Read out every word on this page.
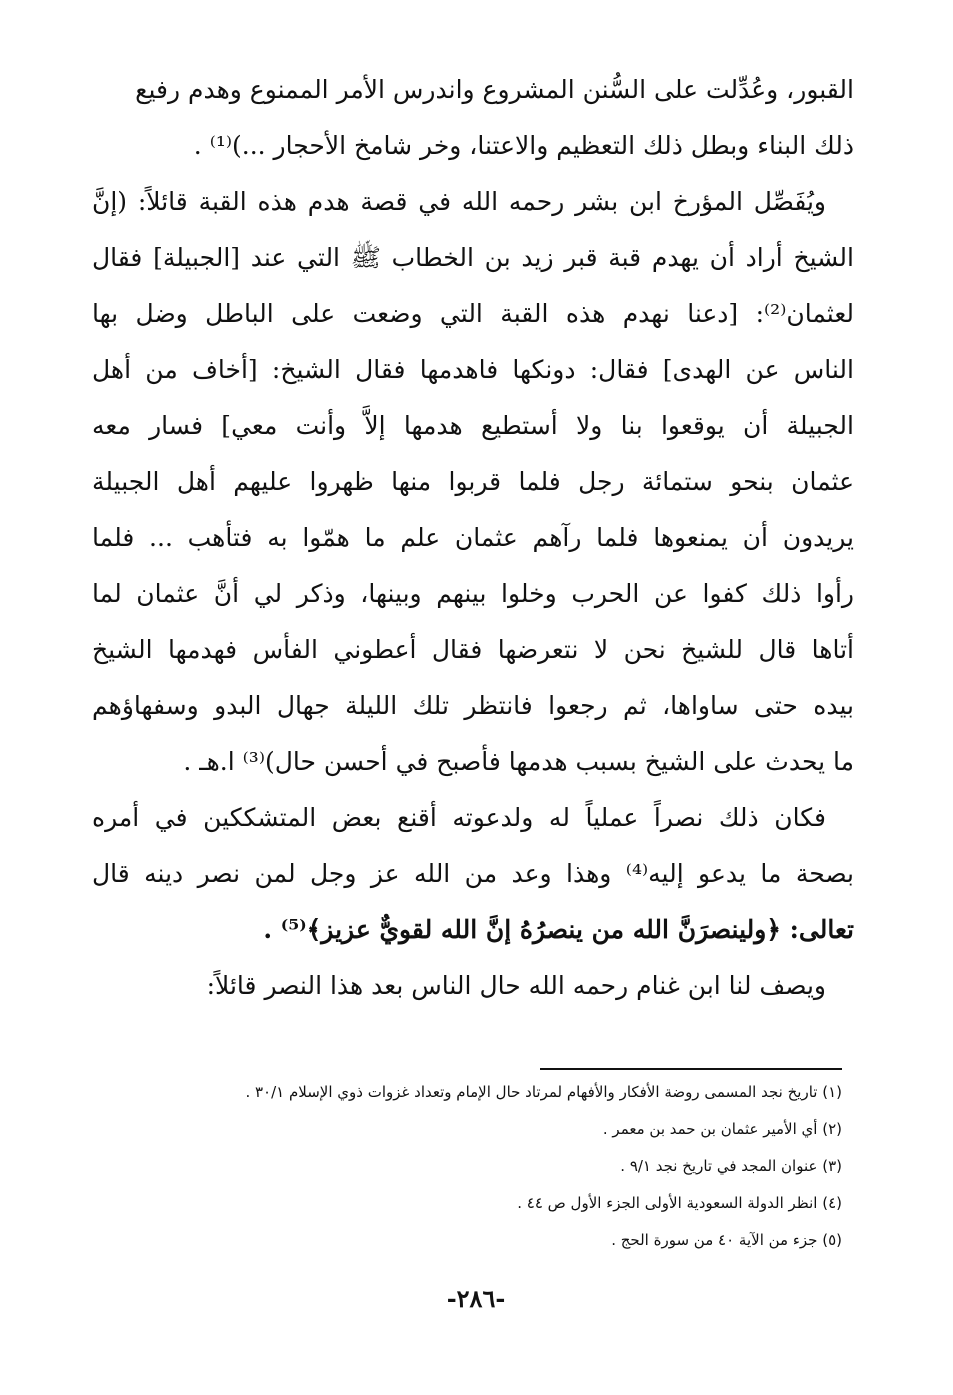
القبور، وعُدِّلت على السُّنن المشروع واندرس الأمر الممنوع وهدم رفيع
ذلك البناء وبطل ذلك التعظيم والاعتنا، وخر شامخ الأحجار ...)⁽¹⁾ .
ويُفَصِّل المؤرخ ابن بشر رحمه الله في قصة هدم هذه القبة قائلاً: (إنَّ
الشيخ أراد أن يهدم قبة قبر زيد بن الخطاب ﷺ التي عند [الجبيلة] فقال
لعثمان⁽²⁾: [دعنا نهدم هذه القبة التي وضعت على الباطل وضل بها
الناس عن الهدى] فقال: دونكها فاهدمها فقال الشيخ: [أخاف من أهل
الجبيلة أن يوقعوا بنا ولا أستطيع هدمها إلاَّ وأنت معي] فسار معه
عثمان بنحو ستمائة رجل فلما قربوا منها ظهروا عليهم أهل الجبيلة
يريدون أن يمنعوها فلما رآهم عثمان علم ما همّوا به فتأهب ... فلما
رأوا ذلك كفوا عن الحرب وخلوا بينهم وبينها، وذكر لي أنَّ عثمان لما
أتاها قال للشيخ نحن لا نتعرضها فقال أعطوني الفأس فهدمها الشيخ
بيده حتى ساواها، ثم رجعوا فانتظر تلك الليلة جهال البدو وسفهاؤهم
ما يحدث على الشيخ بسبب هدمها فأصبح في أحسن حال)⁽³⁾ ا.هـ .
فكان ذلك نصراً عملياً له ولدعوته أقنع بعض المتشككين في أمره
بصحة ما يدعو إليه⁽⁴⁾ وهذا وعد من الله عز وجل لمن نصر دينه قال
تعالى: ﴿ولينصرَنَّ الله من ينصرُهُ إنَّ الله لقويٌّ عزيز﴾⁽⁵⁾ .
ويصف لنا ابن غنام رحمه الله حال الناس بعد هذا النصر قائلاً:
(١) تاريخ نجد المسمى روضة الأفكار والأفهام لمرتاد حال الإمام وتعداد غزوات ذوي الإسلام ٣٠/١ .
(٢) أي الأمير عثمان بن حمد بن معمر .
(٣) عنوان المجد في تاريخ نجد ٩/١ .
(٤) انظر الدولة السعودية الأولى الجزء الأول ص ٤٤ .
(٥) جزء من الآية ٤٠ من سورة الحج .
-٢٨٦-
